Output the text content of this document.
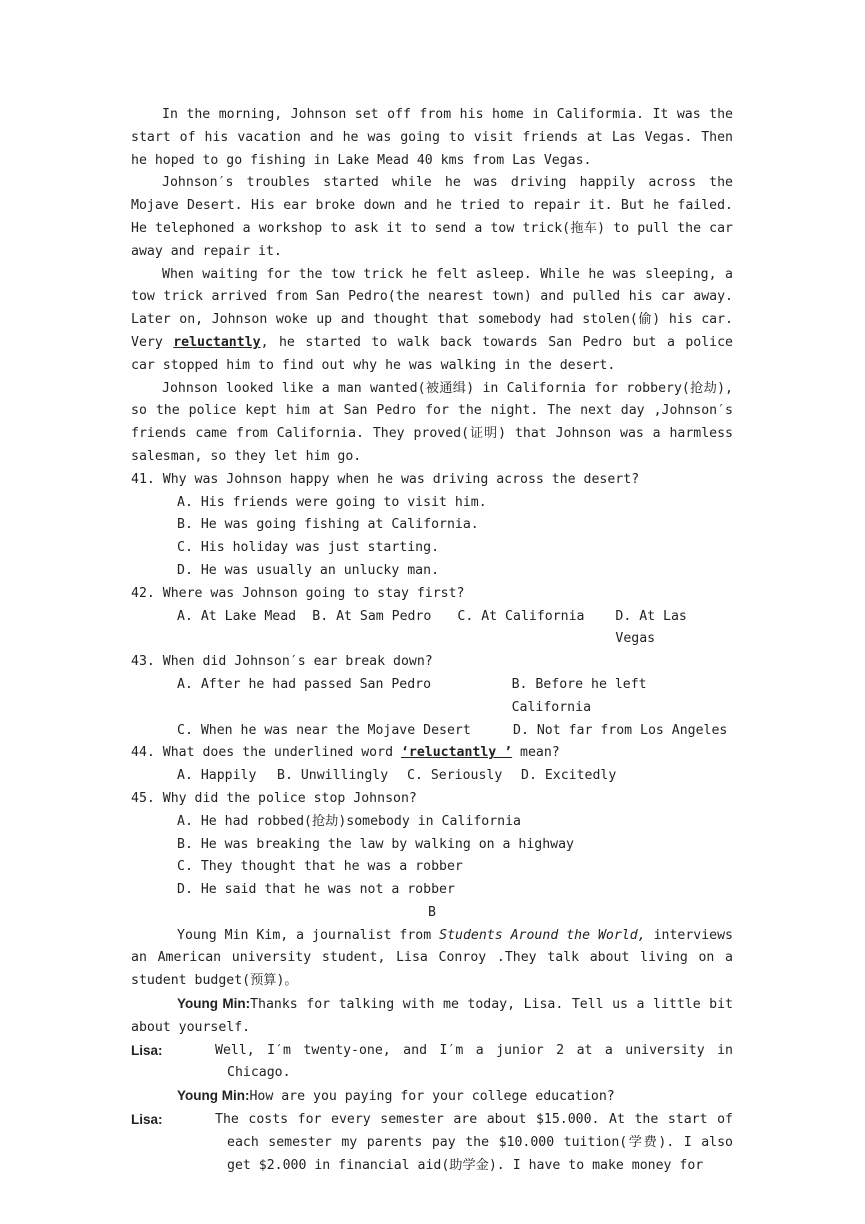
In the morning, Johnson set off from his home in Califormia. It was the start of his vacation and he was going to visit friends at Las Vegas. Then he hoped to go fishing in Lake Mead 40 kms from Las Vegas.

Johnson′s troubles started while he was driving happily across the Mojave Desert. His ear broke down and he tried to repair it. But he failed. He telephoned a workshop to ask it to send a tow trick(拖车) to pull the car away and repair it.

When waiting for the tow trick he felt asleep. While he was sleeping, a tow trick arrived from San Pedro(the nearest town) and pulled his car away. Later on, Johnson woke up and thought that somebody had stolen(偷) his car. Very reluctantly, he started to walk back towards San Pedro but a police car stopped him to find out why he was walking in the desert.

Johnson looked like a man wanted(被通缉) in California for robbery(抢劫), so the police kept him at San Pedro for the night. The next day ,Johnson′s friends came from California. They proved(证明) that Johnson was a harmless salesman, so they let him go.

41. Why was Johnson happy when he was driving across the desert?

A. His friends were going to visit him.

B. He was going fishing at California.

C. His holiday was just starting.

D. He was usually an unlucky man.

42. Where was Johnson going to stay first?

A. At Lake Mead	B. At Sam Pedro	C. At California	D. At Las Vegas

43. When did Johnson′s ear break down?

A. After he had passed San Pedro	B. Before he left California

C. When he was near the Mojave Desert	D. Not far from Los Angeles

44. What does the underlined word ‘reluctantly ’ mean?

A. Happily	B. Unwillingly	C. Seriously	D. Excitedly

45. Why did the police stop Johnson?

A. He had robbed(抢劫)somebody in California

B. He was breaking the law by walking on a highway

C. They thought that he was a robber

D. He said that he was not a robber

B

Young Min Kim, a journalist from Students Around the World, interviews an American university student, Lisa Conroy .They talk about living on a student budget(预算)。

Young Min:Thanks for talking with me today, Lisa. Tell us a little bit about yourself.

Lisa:	Well, I′m twenty-one, and I′m a junior 2 at a university in Chicago.

Young Min:How are you paying for your college education?

Lisa:	The costs for every semester are about $15.000. At the start of each semester my parents pay the $10.000 tuition(学费). I also get $2.000 in financial aid(助学金). I have to make money for
